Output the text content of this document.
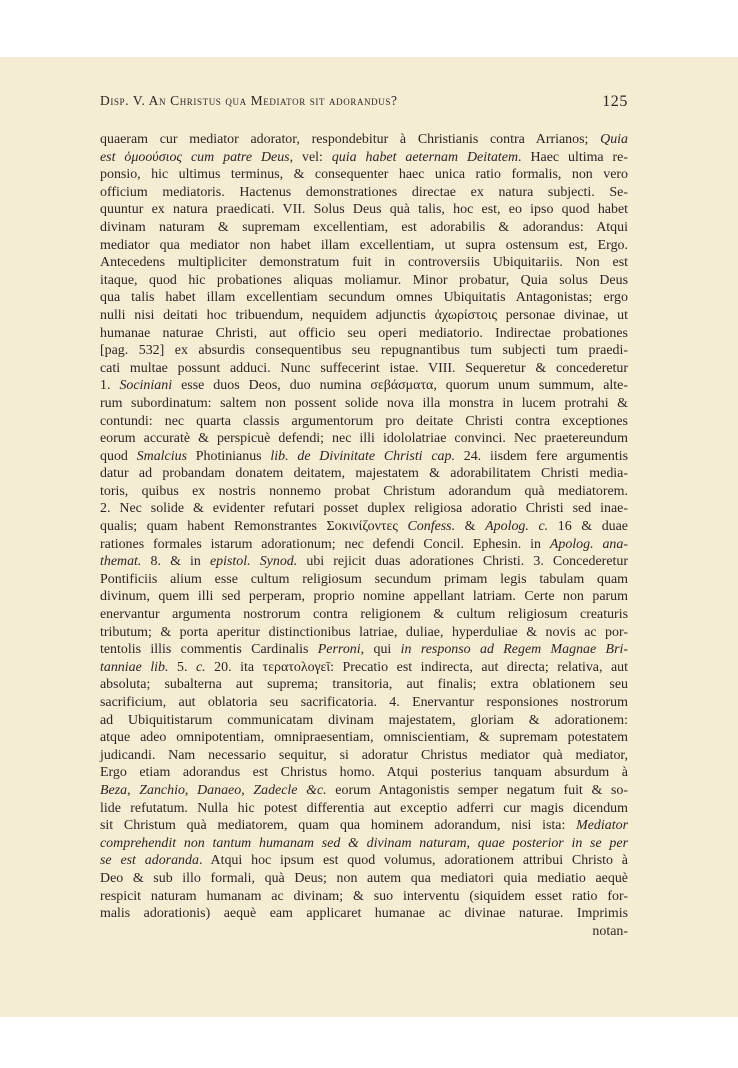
Disp. V. An Christus qua Mediator sit adorandus?	125
quaeram cur mediator adorator, respondebitur à Christianis contra Arrianos; Quia
est ὁμοούσιος cum patre Deus, vel: quia habet aeternam Deitatem. Haec ultima re-
ponsio, hic ultimus terminus, & consequenter haec unica ratio formalis, non vero
officium mediatoris. Hactenus demonstrationes directae ex natura subjecti. Se-
quuntur ex natura praedicati. VII. Solus Deus quà talis, hoc est, eo ipso quod habet
divinam naturam & supremam excellentiam, est adorabilis & adorandus: Atqui
mediator qua mediator non habet illam excellentiam, ut supra ostensum est, Ergo.
Antecedens multipliciter demonstratum fuit in controversiis Ubiquitariis. Non est
itaque, quod hic probationes aliquas moliamur. Minor probatur, Quia solus Deus
qua talis habet illam excellentiam secundum omnes Ubiquitatis Antagonistas; ergo
nulli nisi deitati hoc tribuendum, nequidem adjunctis ἀχωρίστοις personae divinae, ut
humanae naturae Christi, aut officio seu operi mediatorio. Indirectae probationes
[pag. 532] ex absurdis consequentibus seu repugnantibus tum subjecti tum praedi-
cati multae possunt adduci. Nunc suffecerint istae. VIII. Sequeretur & concederetur
1. Sociniani esse duos Deos, duo numina σεβάσματα, quorum unum summum, alte-
rum subordinatum: saltem non possent solide nova illa monstra in lucem protrahi &
contundi: nec quarta classis argumentorum pro deitate Christi contra exceptiones
eorum accuratè & perspicuè defendi; nec illi idololatriae convinci. Nec praetereundum
quod Smalcius Photinianus lib. de Divinitate Christi cap. 24. iisdem fere argumentis
datur ad probandam donatem deitatem, majestatem & adorabilitatem Christi media-
toris, quibus ex nostris nonnemo probat Christum adorandum quà mediatorem.
2. Nec solide & evidenter refutari posset duplex religiosa adoratio Christi sed inae-
qualis; quam habent Remonstrantes Σοκινίζοντες Confess. & Apolog. c. 16 & duae
rationes formales istarum adorationum; nec defendi Concil. Ephesin. in Apolog. ana-
themat. 8. & in epistol. Synod. ubi rejicit duas adorationes Christi. 3. Concederetur
Pontificiis alium esse cultum religiosum secundum primam legis tabulam quam
divinum, quem illi sed perperam, proprio nomine appellant latriam. Certe non parum
enervantur argumenta nostrorum contra religionem & cultum religiosum creaturis
tributum; & porta aperitur distinctionibus latriae, duliae, hyperduliae & novis ac por-
tentolis illis commentis Cardinalis Perroni, qui in responso ad Regem Magnae Bri-
tanniae lib. 5. c. 20. ita τερατολογεῖ: Precatio est indirecta, aut directa; relativa, aut
absoluta; subalterna aut suprema; transitoria, aut finalis; extra oblationem seu
sacrificium, aut oblatoria seu sacrificatoria. 4. Enervantur responsiones nostrorum
ad Ubiquitistarum communicatam divinam majestatem, gloriam & adorationem:
atque adeo omnipotentiam, omnipraesentiam, omniscientiam, & supremam potestatem
judicandi. Nam necessario sequitur, si adoratur Christus mediator quà mediator,
Ergo etiam adorandus est Christus homo. Atqui posterius tanquam absurdum à
Beza, Zanchio, Danaeo, Zadecle &c. eorum Antagonistis semper negatum fuit & so-
lide refutatum. Nulla hic potest differentia aut exceptio adferri cur magis dicendum
sit Christum quà mediatorem, quam qua hominem adorandum, nisi ista: Mediator
comprehendit non tantum humanam sed & divinam naturam, quae posterior in se per
se est adoranda. Atqui hoc ipsum est quod volumus, adorationem attribui Christo à
Deo & sub illo formali, quà Deus; non autem qua mediatori quia mediatio aequè
respicit naturam humanam ac divinam; & suo interventu (siquidem esset ratio for-
malis adorationis) aequè eam applicaret humanae ac divinae naturae. Imprimis
notan-
